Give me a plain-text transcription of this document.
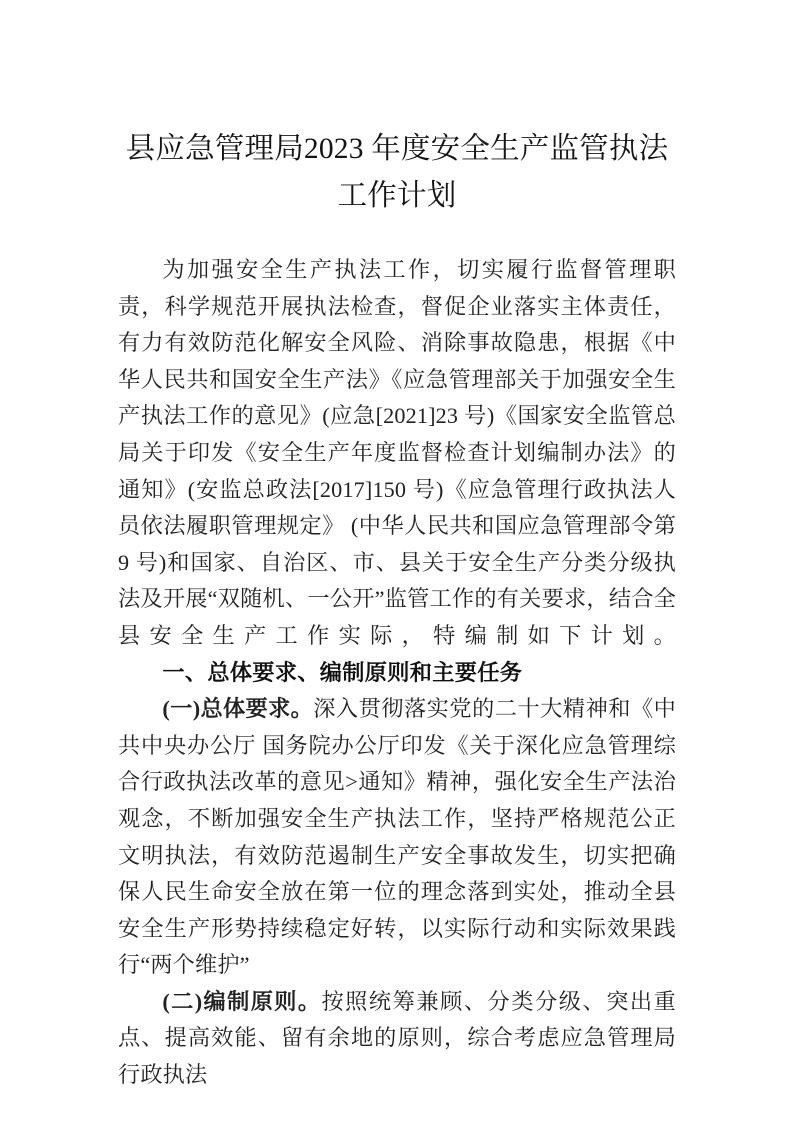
县应急管理局2023 年度安全生产监管执法工作计划

为加强安全生产执法工作，切实履行监督管理职责，科学规范开展执法检查，督促企业落实主体责任，有力有效防范化解安全风险、消除事故隐患，根据《中华人民共和国安全生产法》《应急管理部关于加强安全生产执法工作的意见》(应急[2021]23 号)《国家安全监管总局关于印发《安全生产年度监督检查计划编制办法》的通知》(安监总政法[2017]150 号)《应急管理行政执法人员依法履职管理规定》 (中华人民共和国应急管理部令第 9 号)和国家、自治区、市、县关于安全生产分类分级执法及开展“双随机、一公开”监管工作的有关要求，结合全县安全生产工作实际，特编制如下计划。

一、总体要求、编制原则和主要任务

(一)总体要求。深入贯彻落实党的二十大精神和《中共中央办公厅 国务院办公厅印发《关于深化应急管理综合行政执法改革的意见>通知》精神，强化安全生产法治观念，不断加强安全生产执法工作，坚持严格规范公正文明执法，有效防范遏制生产安全事故发生，切实把确保人民生命安全放在第一位的理念落到实处，推动全县安全生产形势持续稳定好转，以实际行动和实际效果践行“两个维护”

(二)编制原则。按照统筹兼顾、分类分级、突出重点、提高效能、留有余地的原则，综合考虑应急管理局行政执法
